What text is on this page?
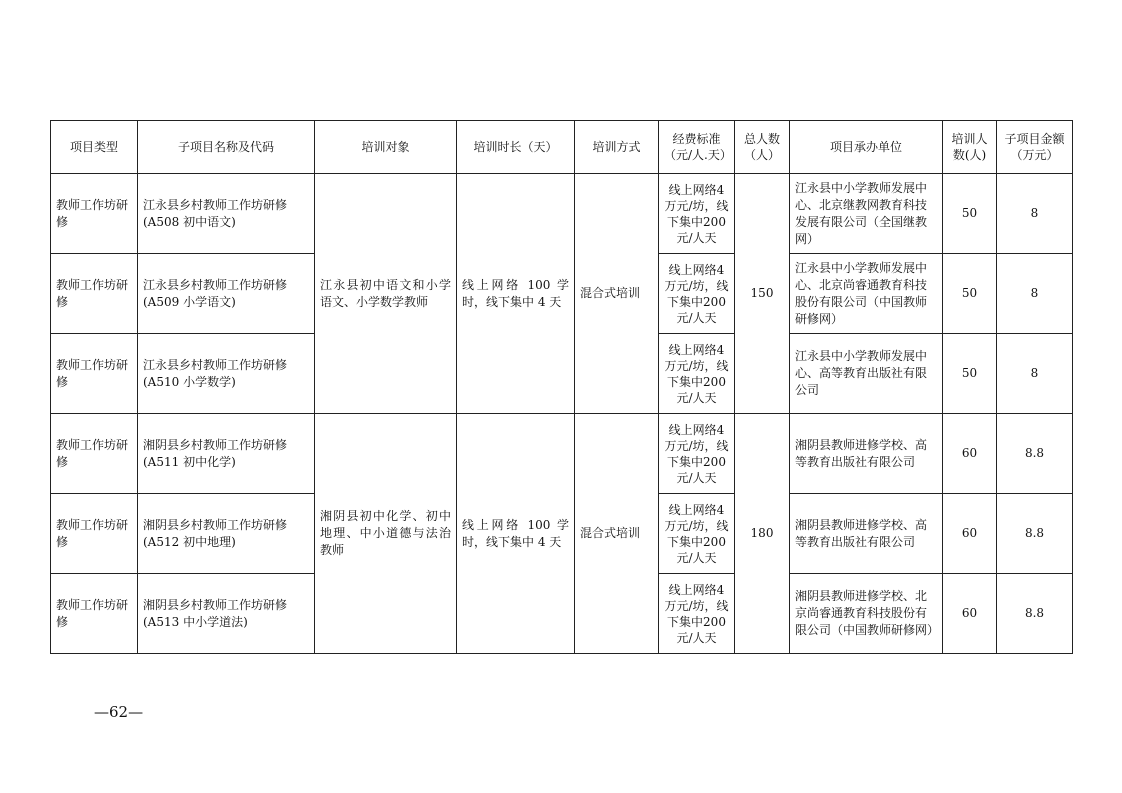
项目类型	子项目名称及代码	培训对象	培训时长（天）	培训方式	经费标准（元/人.天）	总人数（人）	项目承办单位	培训人数(人)	子项目金额（万元）
教师工作坊研修	江永县乡村教师工作坊研修(A508 初中语文)	江永县初中语文和小学语文、小学数学教师	线上网络 100 学时，线下集中 4 天	混合式培训	线上网络4万元/坊，线下集中200元/人天	150	江永县中小学教师发展中心、北京继教网教育科技发展有限公司（全国继教网）	50	8
教师工作坊研修	江永县乡村教师工作坊研修(A509 小学语文)				线上网络4万元/坊，线下集中200元/人天		江永县中小学教师发展中心、北京尚睿通教育科技股份有限公司（中国教师研修网）	50	8
教师工作坊研修	江永县乡村教师工作坊研修(A510 小学数学)				线上网络4万元/坊，线下集中200元/人天		江永县中小学教师发展中心、高等教育出版社有限公司	50	8
教师工作坊研修	湘阴县乡村教师工作坊研修(A511 初中化学)	湘阴县初中化学、初中地理、中小道德与法治教师	线上网络 100 学时，线下集中 4 天	混合式培训	线上网络4万元/坊，线下集中200元/人天	180	湘阴县教师进修学校、高等教育出版社有限公司	60	8.8
教师工作坊研修	湘阴县乡村教师工作坊研修(A512 初中地理)				线上网络4万元/坊，线下集中200元/人天		湘阴县教师进修学校、高等教育出版社有限公司	60	8.8
教师工作坊研修	湘阴县乡村教师工作坊研修(A513 中小学道法)				线上网络4万元/坊，线下集中200元/人天		湘阴县教师进修学校、北京尚睿通教育科技股份有限公司（中国教师研修网）	60	8.8
—62—
